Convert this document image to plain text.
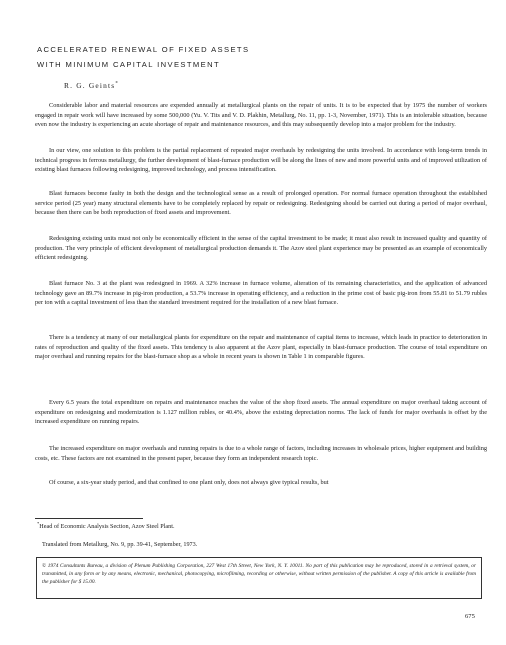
ACCELERATED RENEWAL OF FIXED ASSETS
WITH MINIMUM CAPITAL INVESTMENT
R. G. Geints*

Considerable labor and material resources are expended annually at metallurgical plants on the repair of units. It is to be expected that by 1975 the number of workers engaged in repair work will have increased by some 500,000 (Yu. V. Tits and V. D. Plakhin, Metallurg, No. 11, pp. 1-3, November, 1971). This is an intolerable situation, because even now the industry is experiencing an acute shortage of repair and maintenance resources, and this may subsequently develop into a major problem for the industry.

In our view, one solution to this problem is the partial replacement of repeated major overhauls by redesigning the units involved. In accordance with long-term trends in technical progress in ferrous metallurgy, the further development of blast-furnace production will be along the lines of new and more powerful units and of improved utilization of existing blast furnaces following redesigning, improved technology, and process intensification.

Blast furnaces become faulty in both the design and the technological sense as a result of prolonged operation. For normal furnace operation throughout the established service period (25 year) many structural elements have to be completely replaced by repair or redesigning. Redesigning should be carried out during a period of major overhaul, because then there can be both reproduction of fixed assets and improvement.

Redesigning existing units must not only be economically efficient in the sense of the capital investment to be made; it must also result in increased quality and quantity of production. The very principle of efficient development of metallurgical production demands it. The Azov steel plant experience may be presented as an example of economically efficient redesigning.

Blast furnace No. 3 at the plant was redesigned in 1969. A 32% increase in furnace volume, alteration of its remaining characteristics, and the application of advanced technology gave an 89.7% increase in pig-iron production, a 53.7% increase in operating efficiency, and a reduction in the prime cost of basic pig-iron from 55.81 to 51.79 rubles per ton with a capital investment of less than the standard investment required for the installation of a new blast furnace.

There is a tendency at many of our metallurgical plants for expenditure on the repair and maintenance of capital items to increase, which leads in practice to deterioration in rates of reproduction and quality of the fixed assets. This tendency is also apparent at the Azov plant, especially in blast-furnace production. The course of total expenditure on major overhaul and running repairs for the blast-furnace shop as a whole in recent years is shown in Table 1 in comparable figures.

Every 6.5 years the total expenditure on repairs and maintenance reaches the value of the shop fixed assets. The annual expenditure on major overhaul taking account of expenditure on redesigning and modernization is 1.127 million rubles, or 40.4%, above the existing depreciation norms. The lack of funds for major overhauls is offset by the increased expenditure on running repairs.

The increased expenditure on major overhauls and running repairs is due to a whole range of factors, including increases in wholesale prices, higher equipment and building costs, etc. These factors are not examined in the present paper, because they form an independent research topic.

Of course, a six-year study period, and that confined to one plant only, does not always give typical results, but

*Head of Economic Analysis Section, Azov Steel Plant.
Translated from Metallurg, No. 9, pp. 39-41, September, 1973.

© 1974 Consultants Bureau, a division of Plenum Publishing Corporation, 227 West 17th Street, New York, N. Y. 10011. No part of this publication may be reproduced, stored in a retrieval system, or transmitted, in any form or by any means, electronic, mechanical, photocopying, microfilming, recording or otherwise, without written permission of the publisher. A copy of this article is available from the publisher for $ 15.00.

675
